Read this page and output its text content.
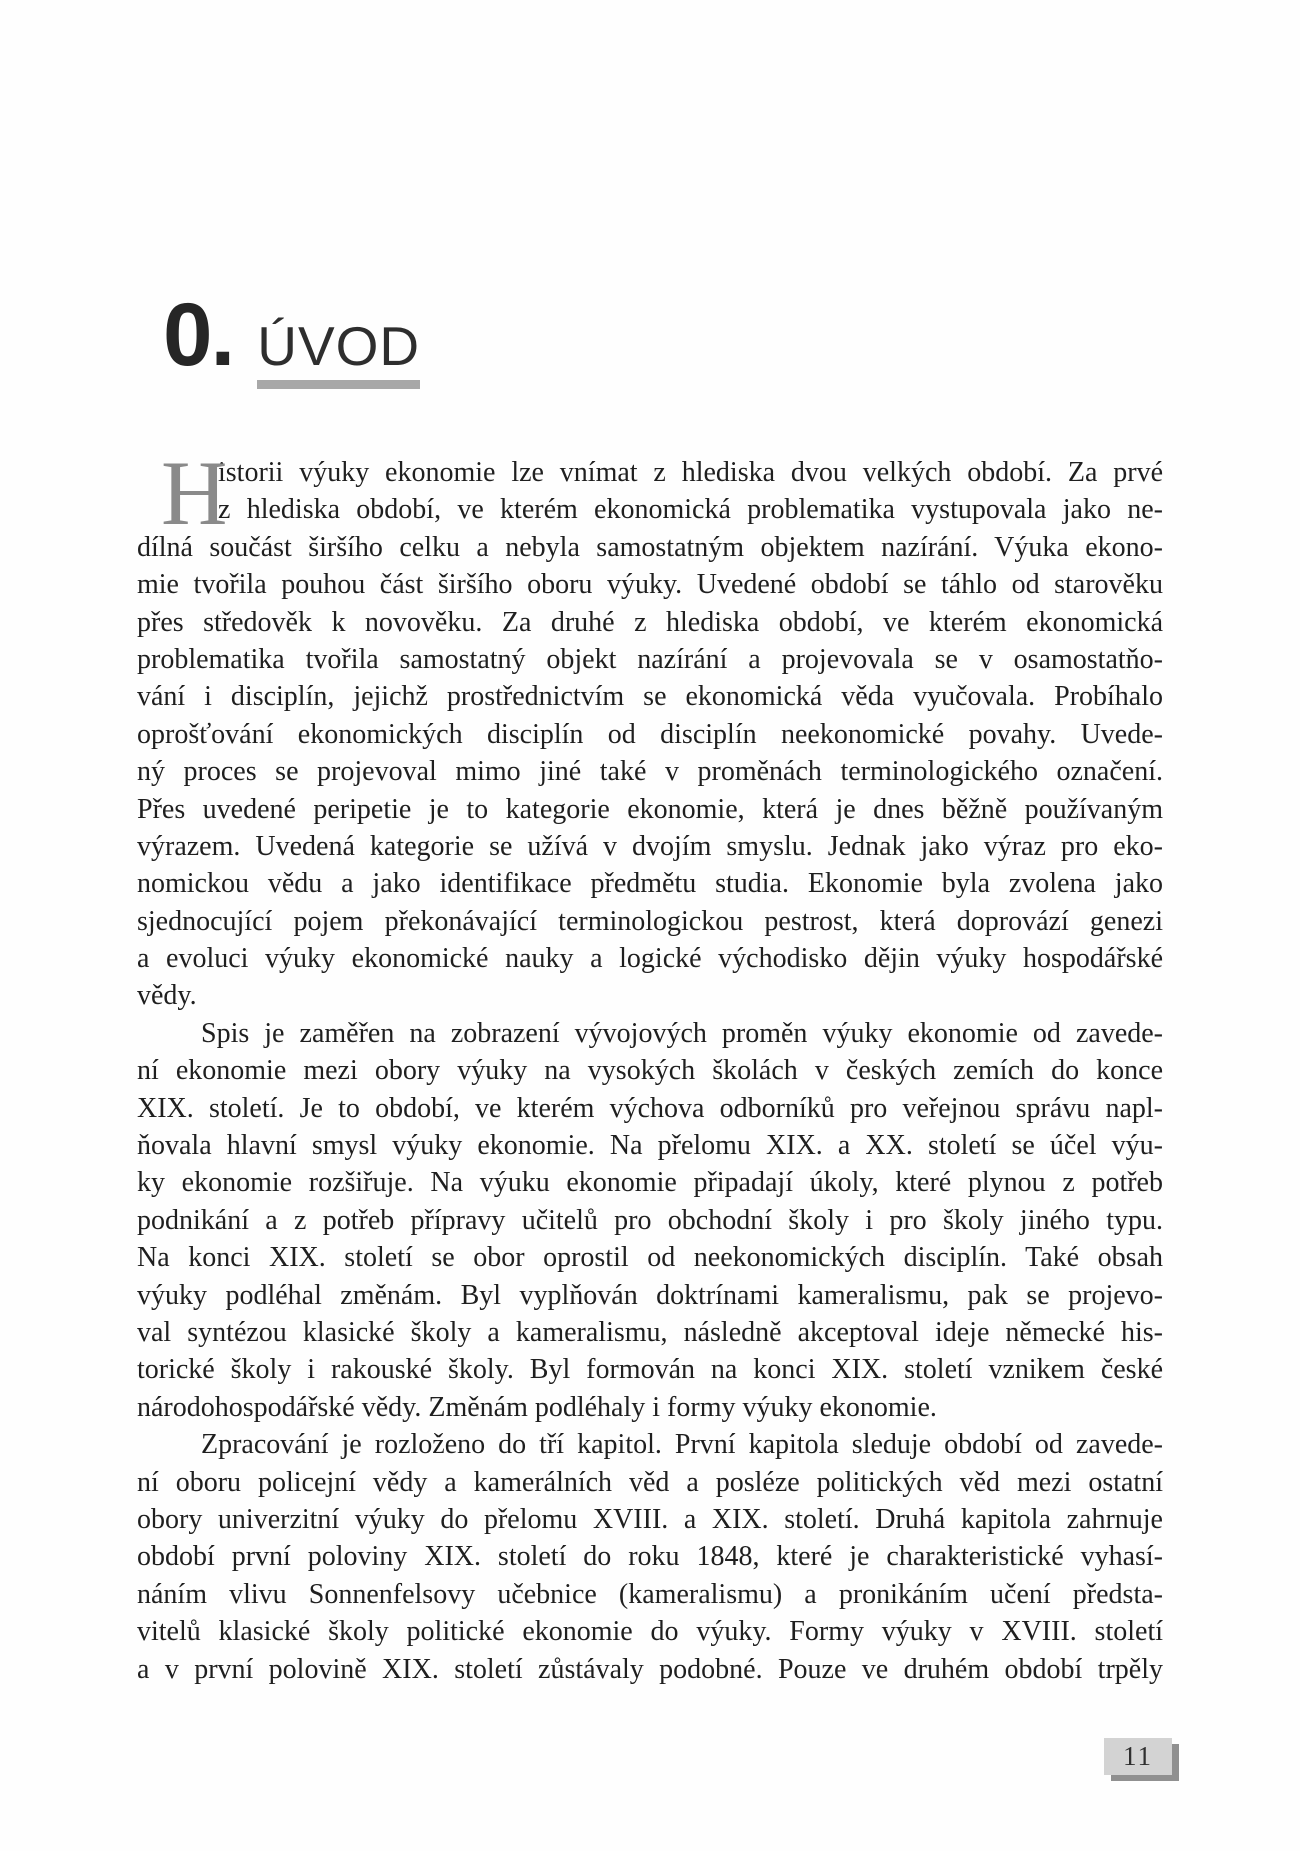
0. ÚVOD
H
istorii výuky ekonomie lze vnímat z hlediska dvou velkých období. Za prvé
z hlediska období, ve kterém ekonomická problematika vystupovala jako ne-
dílná součást širšího celku a nebyla samostatným objektem nazírání. Výuka ekono-
mie tvořila pouhou část širšího oboru výuky. Uvedené období se táhlo od starověku
přes středověk k novověku. Za druhé z hlediska období, ve kterém ekonomická
problematika tvořila samostatný objekt nazírání a projevovala se v osamostatňo-
vání i disciplín, jejichž prostřednictvím se ekonomická věda vyučovala. Probíhalo
oprošťování ekonomických disciplín od disciplín neekonomické povahy. Uvede-
ný proces se projevoval mimo jiné také v proměnách terminologického označení.
Přes uvedené peripetie je to kategorie ekonomie, která je dnes běžně používaným
výrazem. Uvedená kategorie se užívá v dvojím smyslu. Jednak jako výraz pro eko-
nomickou vědu a jako identifikace předmětu studia. Ekonomie byla zvolena jako
sjednocující pojem překonávající terminologickou pestrost, která doprovází genezi
a evoluci výuky ekonomické nauky a logické východisko dějin výuky hospodářské
vědy.
Spis je zaměřen na zobrazení vývojových proměn výuky ekonomie od zavede-
ní ekonomie mezi obory výuky na vysokých školách v českých zemích do konce
XIX. století. Je to období, ve kterém výchova odborníků pro veřejnou správu napl-
ňovala hlavní smysl výuky ekonomie. Na přelomu XIX. a XX. století se účel výu-
ky ekonomie rozšiřuje. Na výuku ekonomie připadají úkoly, které plynou z potřeb
podnikání a z potřeb přípravy učitelů pro obchodní školy i pro školy jiného typu.
Na konci XIX. století se obor oprostil od neekonomických disciplín. Také obsah
výuky podléhal změnám. Byl vyplňován doktrínami kameralismu, pak se projevo-
val syntézou klasické školy a kameralismu, následně akceptoval ideje německé his-
torické školy i rakouské školy. Byl formován na konci XIX. století vznikem české
národohospodářské vědy. Změnám podléhaly i formy výuky ekonomie.
Zpracování je rozloženo do tří kapitol. První kapitola sleduje období od zavede-
ní oboru policejní vědy a kamerálních věd a posléze politických věd mezi ostatní
obory univerzitní výuky do přelomu XVIII. a XIX. století. Druhá kapitola zahrnuje
období první poloviny XIX. století do roku 1848, které je charakteristické vyhasí-
náním vlivu Sonnenfelsovy učebnice (kameralismu) a pronikáním učení předsta-
vitelů klasické školy politické ekonomie do výuky. Formy výuky v XVIII. století
a v první polovině XIX. století zůstávaly podobné. Pouze ve druhém období trpěly
11
